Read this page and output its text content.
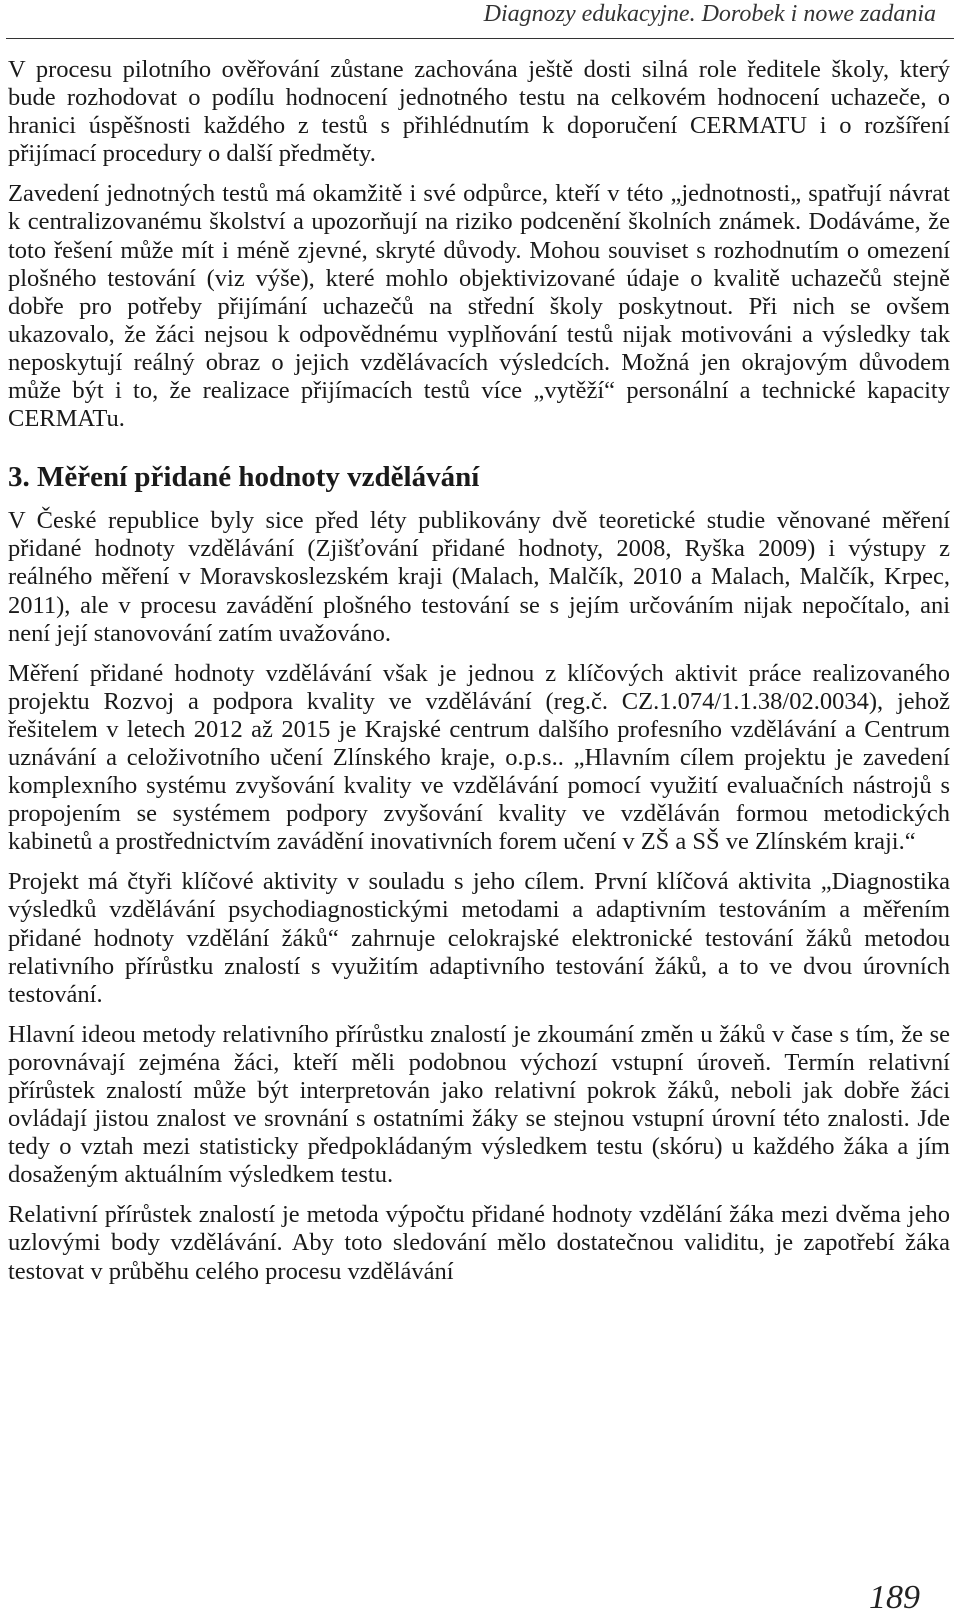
Diagnozy edukacyjne. Dorobek i nowe zadania

V procesu pilotního ověřování zůstane zachována ještě dosti silná role ředitele školy, který bude rozhodovat o podílu hodnocení jednotného testu na celkovém hodnocení uchazeče, o hranici úspěšnosti každého z testů s přihlédnutím k doporučení CERMATU i o rozšíření přijímací procedury o další předměty.

Zavedení jednotných testů má okamžitě i své odpůrce, kteří v této „jednotnosti„ spatřují návrat k centralizovanému školství a upozorňují na riziko podcenění školních známek. Dodáváme, že toto řešení může mít i méně zjevné, skryté důvody. Mohou souviset s rozhodnutím o omezení plošného testování (viz výše), které mohlo objektivizované údaje o kvalitě uchazečů stejně dobře pro potřeby přijímání uchazečů na střední školy poskytnout. Při nich se ovšem ukazovalo, že žáci nejsou k odpovědnému vyplňování testů nijak motivováni a výsledky tak neposkytují reálný obraz o jejich vzdělávacích výsledcích. Možná jen okrajovým důvodem může být i to, že realizace přijímacích testů více „vytěží“ personální a technické kapacity CERMATu.

3. Měření přidané hodnoty vzdělávání

V České republice byly sice před léty publikovány dvě teoretické studie věnované měření přidané hodnoty vzdělávání (Zjišťování přidané hodnoty, 2008, Ryška 2009) i výstupy z reálného měření v Moravskoslezském kraji (Malach, Malčík, 2010 a Malach, Malčík, Krpec, 2011), ale v procesu zavádění plošného testování se s jejím určováním nijak nepočítalo, ani není její stanovování zatím uvažováno.

Měření přidané hodnoty vzdělávání však je jednou z klíčových aktivit práce realizovaného projektu Rozvoj a podpora kvality ve vzdělávání (reg.č. CZ.1.074/1.1.38/02.0034), jehož řešitelem v letech 2012 až 2015 je Krajské centrum dalšího profesního vzdělávání a Centrum uznávání a celoživotního učení Zlínského kraje, o.p.s.. „Hlavním cílem projektu je zavedení komplexního systému zvyšování kvality ve vzdělávání pomocí využití evaluačních nástrojů s propojením se systémem podpory zvyšování kvality ve vzděláván formou metodických kabinetů a prostřednictvím zavádění inovativních forem učení v ZŠ a SŠ ve Zlínském kraji.“

Projekt má čtyři klíčové aktivity v souladu s jeho cílem. První klíčová aktivita „Diagnostika výsledků vzdělávání psychodiagnostickými metodami a adaptivním testováním a měřením přidané hodnoty vzdělání žáků“ zahrnuje celokrajské elektronické testování žáků metodou relativního přírůstku znalostí s využitím adaptivního testování žáků, a to ve dvou úrovních testování.

Hlavní ideou metody relativního přírůstku znalostí je zkoumání změn u žáků v čase s tím, že se porovnávají zejména žáci, kteří měli podobnou výchozí vstupní úroveň. Termín relativní přírůstek znalostí může být interpretován jako relativní pokrok žáků, neboli jak dobře žáci ovládají jistou znalost ve srovnání s ostatními žáky se stejnou vstupní úrovní této znalosti. Jde tedy o vztah mezi statisticky předpokládaným výsledkem testu (skóru) u každého žáka a jím dosaženým aktuálním výsledkem testu.

Relativní přírůstek znalostí je metoda výpočtu přidané hodnoty vzdělání žáka mezi dvěma jeho uzlovými body vzdělávání. Aby toto sledování mělo dostatečnou validitu, je zapotřebí žáka testovat v průběhu celého procesu vzdělávání

189
